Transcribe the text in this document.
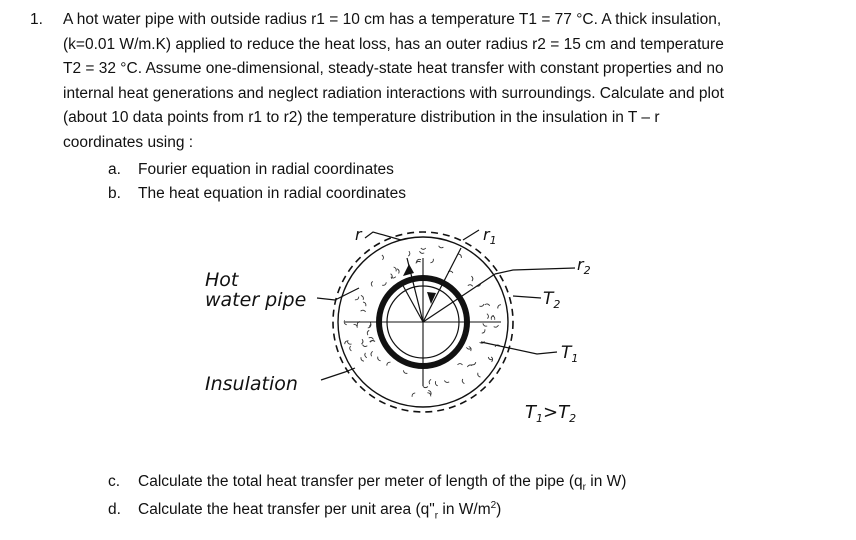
1. A hot water pipe with outside radius r1 = 10 cm has a temperature T1 = 77 °C. A thick insulation,
(k=0.01 W/m.K) applied to reduce the heat loss, has an outer radius r2 = 15 cm and temperature
T2 = 32 °C. Assume one-dimensional, steady-state heat transfer with constant properties and no
internal heat generations and neglect radiation interactions with surroundings. Calculate and plot
(about 10 data points from r1 to r2) the temperature distribution in the insulation in T – r
coordinates using :
a. Fourier equation in radial coordinates
b. The heat equation in radial coordinates
r	$r_1$
$r_2$
$T_2$
$T_1$
Hot
water pipe
Insulation
$T_1>T_2$
c. Calculate the total heat transfer per meter of length of the pipe ($q_r$ in W)
d. Calculate the heat transfer per unit area ($q"_r$ in $W/m^2$)
